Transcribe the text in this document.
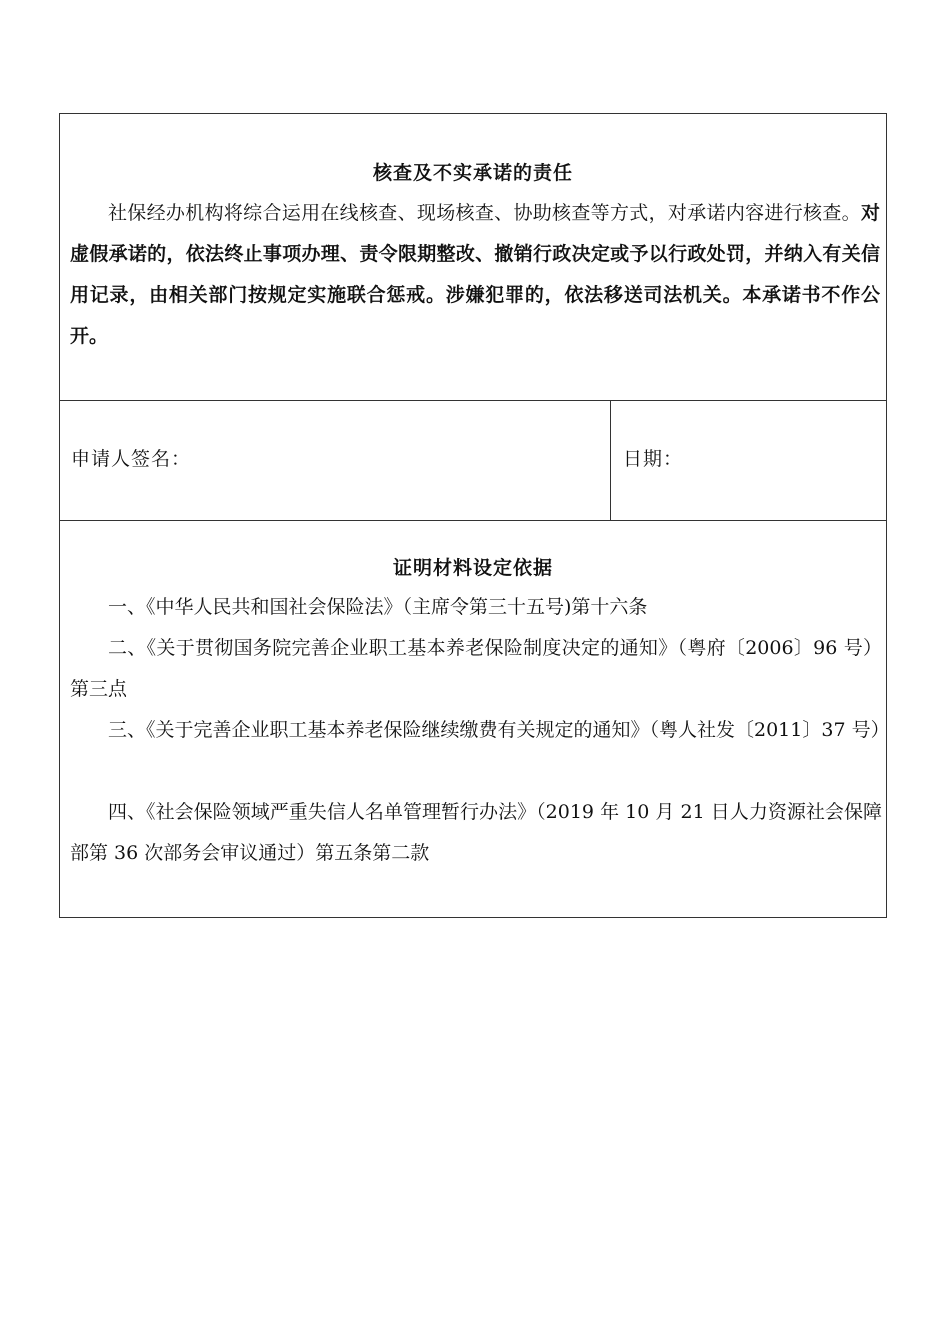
核查及不实承诺的责任

社保经办机构将综合运用在线核查、现场核查、协助核查等方式，对承诺内容进行核查。对虚假承诺的，依法终止事项办理、责令限期整改、撤销行政决定或予以行政处罚，并纳入有关信用记录，由相关部门按规定实施联合惩戒。涉嫌犯罪的，依法移送司法机关。本承诺书不作公开。

申请人签名：	日期：
证明材料设定依据

一、《中华人民共和国社会保险法》（主席令第三十五号)第十六条

二、《关于贯彻国务院完善企业职工基本养老保险制度决定的通知》（粤府〔2006〕96 号）第三点

三、《关于完善企业职工基本养老保险继续缴费有关规定的通知》（粤人社发〔2011〕37 号）

四、《社会保险领域严重失信人名单管理暂行办法》（2019 年 10 月 21 日人力资源社会保障部第 36 次部务会审议通过）第五条第二款
